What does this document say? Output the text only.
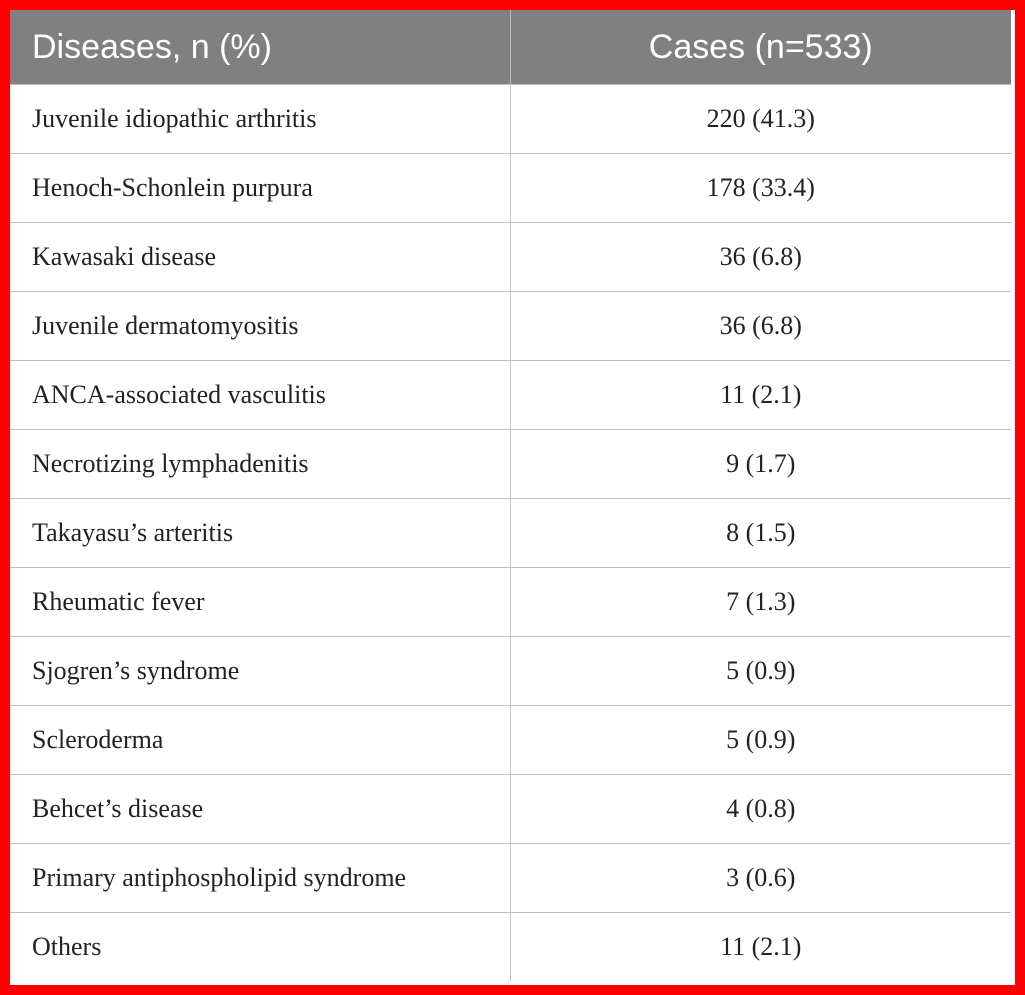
Diseases, n (%)	Cases (n=533)
Juvenile idiopathic arthritis	220 (41.3)
Henoch-Schonlein purpura	178 (33.4)
Kawasaki disease	36 (6.8)
Juvenile dermatomyositis	36 (6.8)
ANCA-associated vasculitis	11 (2.1)
Necrotizing lymphadenitis	9 (1.7)
Takayasu’s arteritis	8 (1.5)
Rheumatic fever	7 (1.3)
Sjogren’s syndrome	5 (0.9)
Scleroderma	5 (0.9)
Behcet’s disease	4 (0.8)
Primary antiphospholipid syndrome	3 (0.6)
Others	11 (2.1)
